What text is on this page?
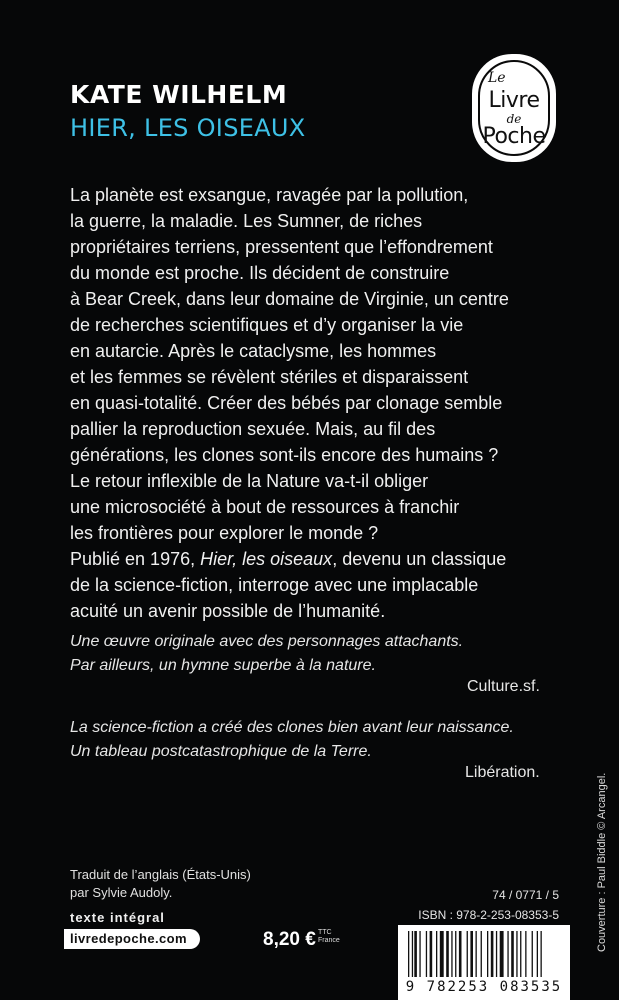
KATE WILHELM
HIER, LES OISEAUX
Le
Livre
de
Poche
La planète est exsangue, ravagée par la pollution,
la guerre, la maladie. Les Sumner, de riches
propriétaires terriens, pressentent que l’effondrement
du monde est proche. Ils décident de construire
à Bear Creek, dans leur domaine de Virginie, un centre
de recherches scientifiques et d’y organiser la vie
en autarcie. Après le cataclysme, les hommes
et les femmes se révèlent stériles et disparaissent
en quasi-totalité. Créer des bébés par clonage semble
pallier la reproduction sexuée. Mais, au fil des
générations, les clones sont-ils encore des humains ?
Le retour inflexible de la Nature va-t-il obliger
une microsociété à bout de ressources à franchir
les frontières pour explorer le monde ?
Publié en 1976, Hier, les oiseaux, devenu un classique
de la science-fiction, interroge avec une implacable
acuité un avenir possible de l’humanité.
Une œuvre originale avec des personnages attachants.
Par ailleurs, un hymne superbe à la nature.
Culture.sf.
La science-fiction a créé des clones bien avant leur naissance.
Un tableau postcatastrophique de la Terre.
Libération.
Couverture : Paul Biddle © Arcangel.
Traduit de l’anglais (États-Unis)
par Sylvie Audoly.
texte intégral
livredepoche.com	8,20 € TTC
France
74 / 0771 / 5
ISBN : 978-2-253-08353-5
9 782253 083535
